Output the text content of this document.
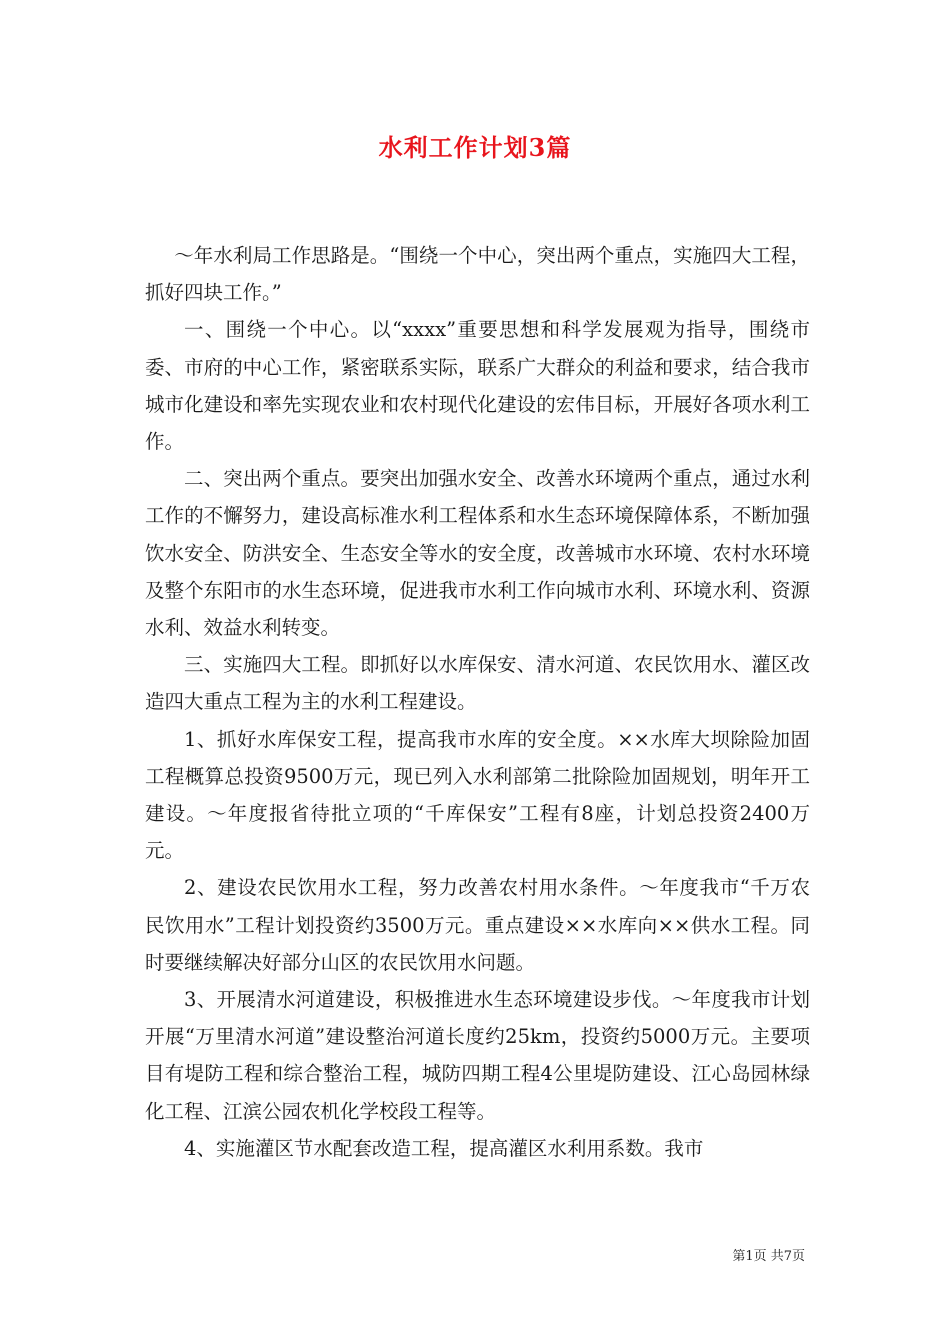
水利工作计划3篇

～年水利局工作思路是。“围绕一个中心，突出两个重点，实施四大工程，抓好四块工作。”

一、围绕一个中心。以“xxxx”重要思想和科学发展观为指导，围绕市委、市府的中心工作，紧密联系实际，联系广大群众的利益和要求，结合我市城市化建设和率先实现农业和农村现代化建设的宏伟目标，开展好各项水利工作。

二、突出两个重点。要突出加强水安全、改善水环境两个重点，通过水利工作的不懈努力，建设高标准水利工程体系和水生态环境保障体系，不断加强饮水安全、防洪安全、生态安全等水的安全度，改善城市水环境、农村水环境及整个东阳市的水生态环境，促进我市水利工作向城市水利、环境水利、资源水利、效益水利转变。

三、实施四大工程。即抓好以水库保安、清水河道、农民饮用水、灌区改造四大重点工程为主的水利工程建设。

1、抓好水库保安工程，提高我市水库的安全度。××水库大坝除险加固工程概算总投资9500万元，现已列入水利部第二批除险加固规划，明年开工建设。～年度报省待批立项的“千库保安”工程有8座，计划总投资2400万元。

2、建设农民饮用水工程，努力改善农村用水条件。～年度我市“千万农民饮用水”工程计划投资约3500万元。重点建设××水库向××供水工程。同时要继续解决好部分山区的农民饮用水问题。

3、开展清水河道建设，积极推进水生态环境建设步伐。～年度我市计划开展“万里清水河道”建设整治河道长度约25km，投资约5000万元。主要项目有堤防工程和综合整治工程，城防四期工程4公里堤防建设、江心岛园林绿化工程、江滨公园农机化学校段工程等。

4、实施灌区节水配套改造工程，提高灌区水利用系数。我市

第1页 共7页
